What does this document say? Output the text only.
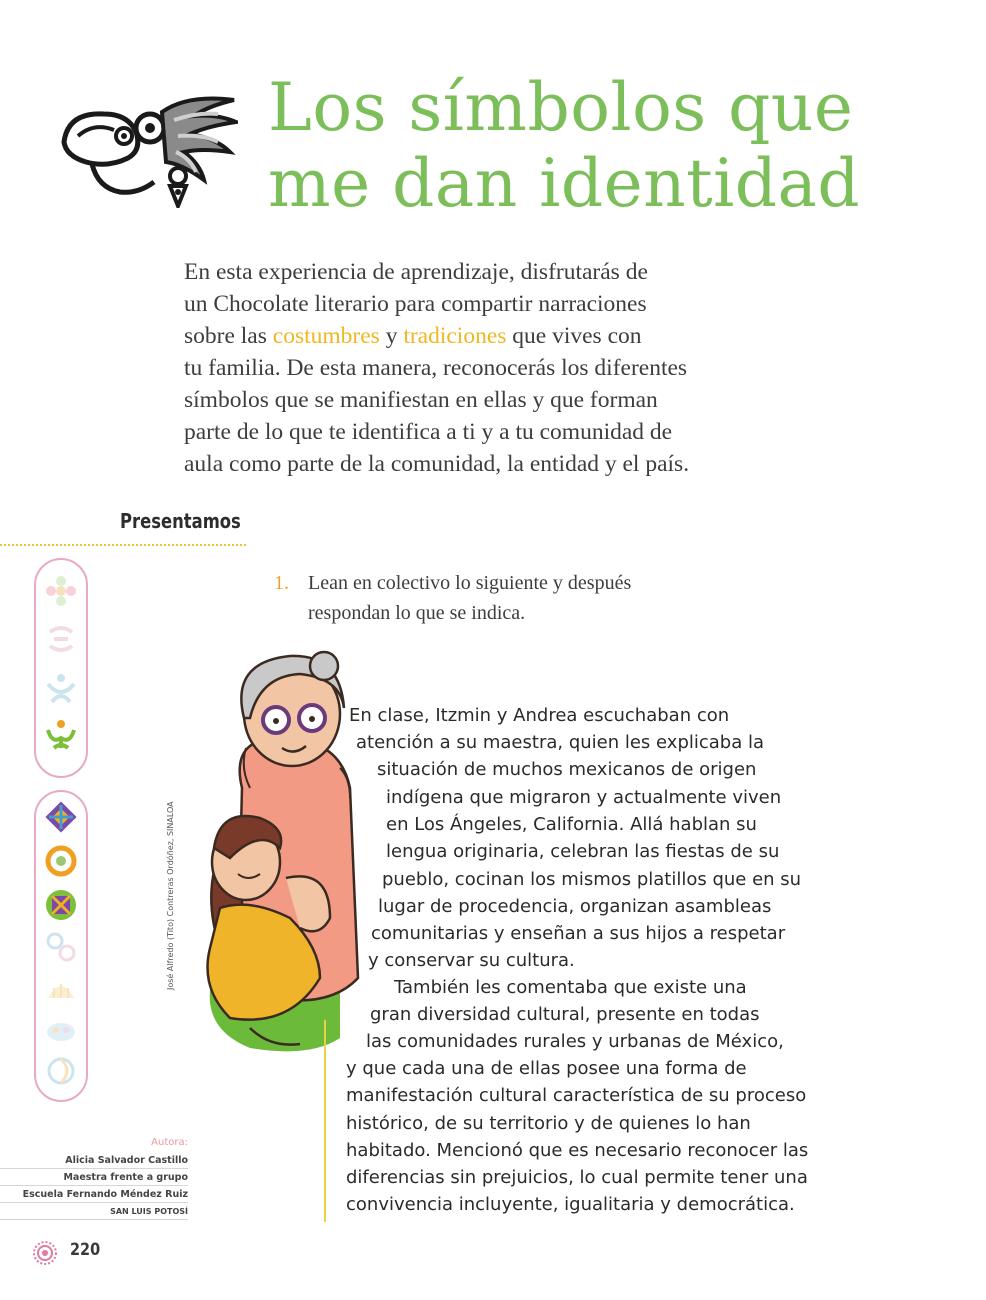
Los símbolos que
me dan identidad
En esta experiencia de aprendizaje, disfrutarás de
un Chocolate literario para compartir narraciones
sobre las costumbres y tradiciones que vives con
tu familia. De esta manera, reconocerás los diferentes
símbolos que se manifiestan en ellas y que forman
parte de lo que te identifica a ti y a tu comunidad de
aula como parte de la comunidad, la entidad y el país.
Presentamos
1. Lean en colectivo lo siguiente y después
respondan lo que se indica.
José Alfredo (Tito) Contreras Ordóñez, SINALOA
En clase, Itzmin y Andrea escuchaban con
atención a su maestra, quien les explicaba la
situación de muchos mexicanos de origen
indígena que migraron y actualmente viven
en Los Ángeles, California. Allá hablan su
lengua originaria, celebran las fiestas de su
pueblo, cocinan los mismos platillos que en su
lugar de procedencia, organizan asambleas
comunitarias y enseñan a sus hijos a respetar
y conservar su cultura.
También les comentaba que existe una
gran diversidad cultural, presente en todas
las comunidades rurales y urbanas de México,
y que cada una de ellas posee una forma de
manifestación cultural característica de su proceso
histórico, de su territorio y de quienes lo han
habitado. Mencionó que es necesario reconocer las
diferencias sin prejuicios, lo cual permite tener una
convivencia incluyente, igualitaria y democrática.
Autora:
Alicia Salvador Castillo
Maestra frente a grupo
Escuela Fernando Méndez Ruiz
SAN LUIS POTOSÍ
220
